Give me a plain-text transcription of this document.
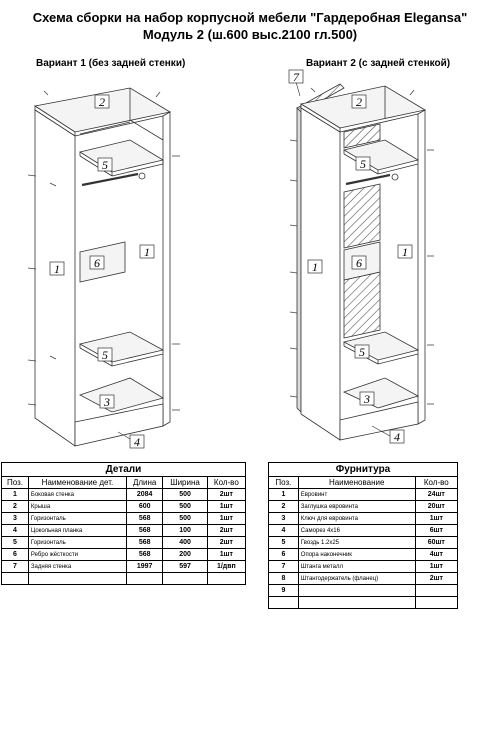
Схема сборки на набор корпусной мебели "Гардеробная Elegansa"
Модуль 2 (ш.600 выс.2100 гл.500)
Вариант 1 (без задней стенки)	Вариант 2 (с задней стенкой)
2
5
1
6
1
5
3
4
7
2
5
1
6
1
5
3
4
Детали
Поз.	Наименование дет.	Длина	Ширина	Кол-во
1	Боковая стенка	2084	500	2шт
2	Крыша	600	500	1шт
3	Горизонталь	568	500	1шт
4	Цокольная планка	568	100	2шт
5	Горизонталь	568	400	2шт
6	Ребро жёсткости	568	200	1шт
7	Задняя стенка	1997	597	1/двп

Фурнитура
Поз.	Наименование	Кол-во
1	Евровинт	24шт
2	Заглушка евровинта	20шт
3	Ключ для евровинта	1шт
4	Саморез 4х16	6шт
5	Гвоздь 1.2х25	60шт
6	Опора наконечник	4шт
7	Штанга металл	1шт
8	Штангодержатель (фланец)	2шт
9		
